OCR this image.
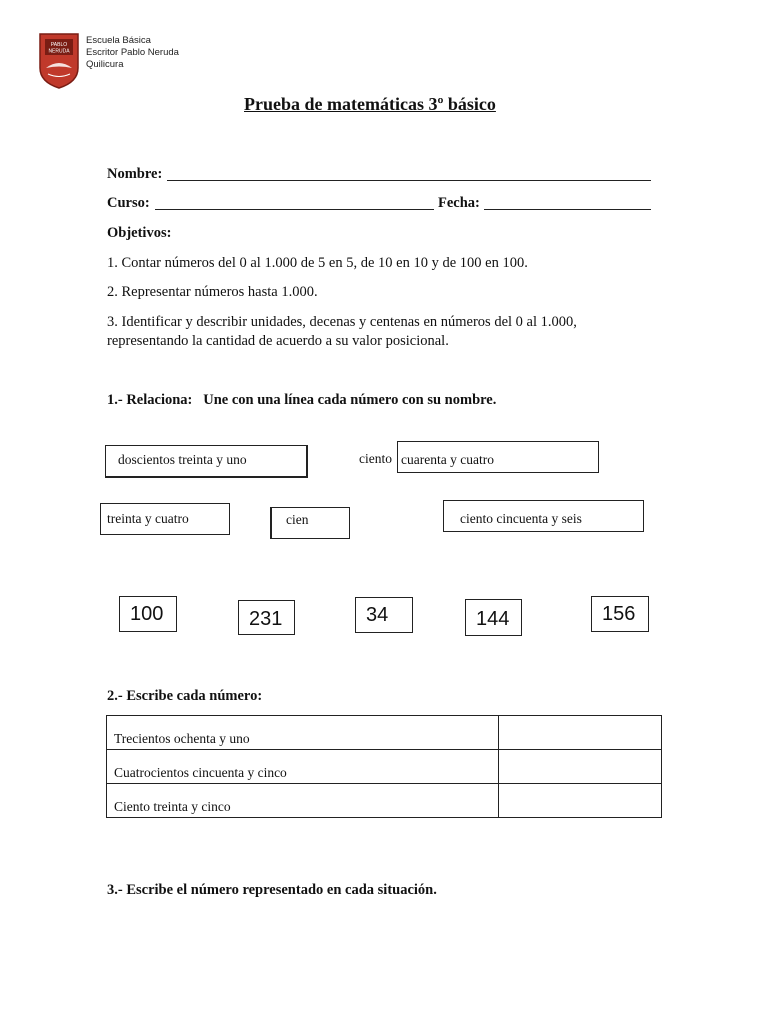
PABLO
NERUDA
Escuela Básica
Escritor Pablo Neruda
Quilicura
Prueba de matemáticas 3º básico
Nombre:
Curso:	Fecha:
Objetivos:
1. Contar números del 0 al 1.000 de 5 en 5, de 10 en 10 y de 100 en 100.
2. Representar números hasta 1.000.
3. Identificar y describir unidades, decenas y centenas en números del 0 al 1.000,
representando la cantidad de acuerdo a su valor posicional.
1.- Relaciona: Une con una línea cada número con su nombre.
doscientos treinta y uno	ciento cuarenta y cuatro
treinta y cuatro	cien	ciento cincuenta y seis
100	231	34	144	156
2.- Escribe cada número:
Trecientos ochenta y uno	
Cuatrocientos cincuenta y cinco	
Ciento treinta y cinco	
3.- Escribe el número representado en cada situación.
